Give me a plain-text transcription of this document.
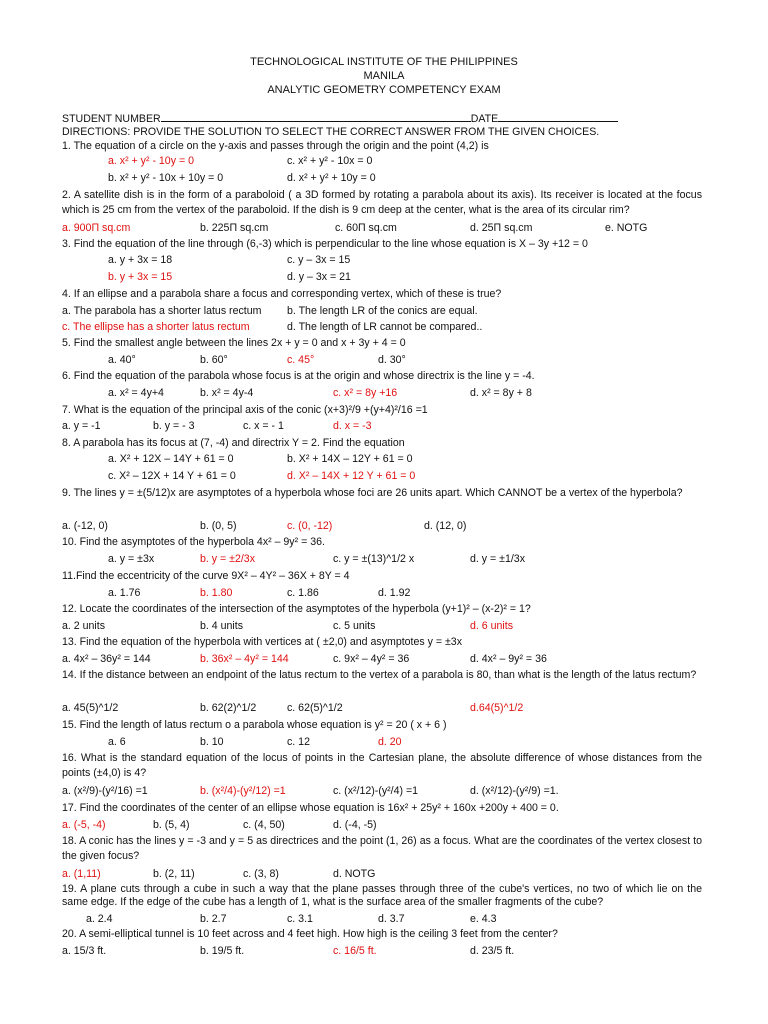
TECHNOLOGICAL INSTITUTE OF THE PHILIPPINES
MANILA
ANALYTIC GEOMETRY COMPETENCY EXAM
STUDENT NUMBER	DATE
DIRECTIONS: PROVIDE THE SOLUTION TO SELECT THE CORRECT ANSWER FROM THE GIVEN CHOICES.
1. The equation of a circle on the y-axis and passes through the origin and the point (4,2) is
a. x² + y² - 10y = 0	c. x² + y² - 10x = 0
b. x² + y² - 10x + 10y = 0	d. x² + y² + 10y = 0
2. A satellite dish is in the form of a paraboloid ( a 3D formed by rotating a parabola about its axis). Its receiver is located at the focus which is 25 cm from the vertex of the paraboloid. If the dish is 9 cm deep at the center, what is the area of its circular rim?
a. 900Π sq.cm	b. 225Π sq.cm	c. 60Π sq.cm	d. 25Π sq.cm	e. NOTG
3. Find the equation of the line through (6,-3) which is perpendicular to the line whose equation is X – 3y +12 = 0
a. y + 3x = 18	c. y – 3x = 15
b. y + 3x = 15	d. y – 3x = 21
4. If an ellipse and a parabola share a focus and corresponding vertex, which of these is true?
a. The parabola has a shorter latus rectum b. The length LR of the conics are equal.
c. The ellipse has a shorter latus rectum	d. The length of LR cannot be compared..
5. Find the smallest angle between the lines 2x + y = 0 and x + 3y + 4 = 0
a. 40°	b. 60°	c. 45°	d. 30°
6. Find the equation of the parabola whose focus is at the origin and whose directrix is the line y = -4.
a. x² = 4y+4	b. x² = 4y-4	c. x² = 8y +16	d. x² = 8y + 8
7. What is the equation of the principal axis of the conic (x+3)²/9 +(y+4)²/16 =1
a. y = -1	b. y = - 3	c. x = - 1	d. x = -3
8. A parabola has its focus at (7, -4) and directrix Y = 2. Find the equation
a. X² + 12X – 14Y + 61 = 0	b. X² + 14X – 12Y + 61 = 0
c. X² – 12X + 14 Y + 61 = 0	d. X² – 14X + 12 Y + 61 = 0
9. The lines y = ±(5/12)x are asymptotes of a hyperbola whose foci are 26 units apart. Which CANNOT be a vertex of the hyperbola?
a. (-12, 0)	b. (0, 5)	c. (0, -12)	d. (12, 0)
10. Find the asymptotes of the hyperbola 4x² – 9y² = 36.
a. y = ±3x	b. y = ±2/3x	c. y = ±(13)^1/2 x	d. y = ±1/3x
11.Find the eccentricity of the curve 9X² – 4Y² – 36X + 8Y = 4
a. 1.76	b. 1.80	c. 1.86	d. 1.92
12. Locate the coordinates of the intersection of the asymptotes of the hyperbola (y+1)² – (x-2)² = 1?
a. 2 units	b. 4 units	c. 5 units	d. 6 units
13. Find the equation of the hyperbola with vertices at ( ±2,0) and asymptotes y = ±3x
a. 4x² – 36y² = 144	b. 36x² – 4y² = 144	c. 9x² – 4y² = 36	d. 4x² – 9y² = 36
14. If the distance between an endpoint of the latus rectum to the vertex of a parabola is 80, than what is the length of the latus rectum?
a. 45(5)^1/2	b. 62(2)^1/2	c. 62(5)^1/2	d.64(5)^1/2
15. Find the length of latus rectum o a parabola whose equation is y² = 20 ( x + 6 )
a. 6	b. 10	c. 12	d. 20
16. What is the standard equation of the locus of points in the Cartesian plane, the absolute difference of whose distances from the points (±4,0) is 4?
a. (x²/9)-(y²/16) =1	b. (x²/4)-(y²/12) =1	c. (x²/12)-(y²/4) =1	d. (x²/12)-(y²/9) =1.
17. Find the coordinates of the center of an ellipse whose equation is 16x² + 25y² + 160x +200y + 400 = 0.
a. (-5, -4)	b. (5, 4)	c. (4, 50)	d. (-4, -5)
18. A conic has the lines y = -3 and y = 5 as directrices and the point (1, 26) as a focus. What are the coordinates of the vertex closest to the given focus?
a. (1,11)	b. (2, 11)	c. (3, 8)	d. NOTG
19. A plane cuts through a cube in such a way that the plane passes through three of the cube's vertices, no two of which lie on the same edge. If the edge of the cube has a length of 1, what is the surface area of the smaller fragments of the cube?
a. 2.4	b. 2.7	c. 3.1	d. 3.7	e. 4.3
20. A semi-elliptical tunnel is 10 feet across and 4 feet high. How high is the ceiling 3 feet from the center?
a. 15/3 ft.	b. 19/5 ft.	c. 16/5 ft.	d. 23/5 ft.
